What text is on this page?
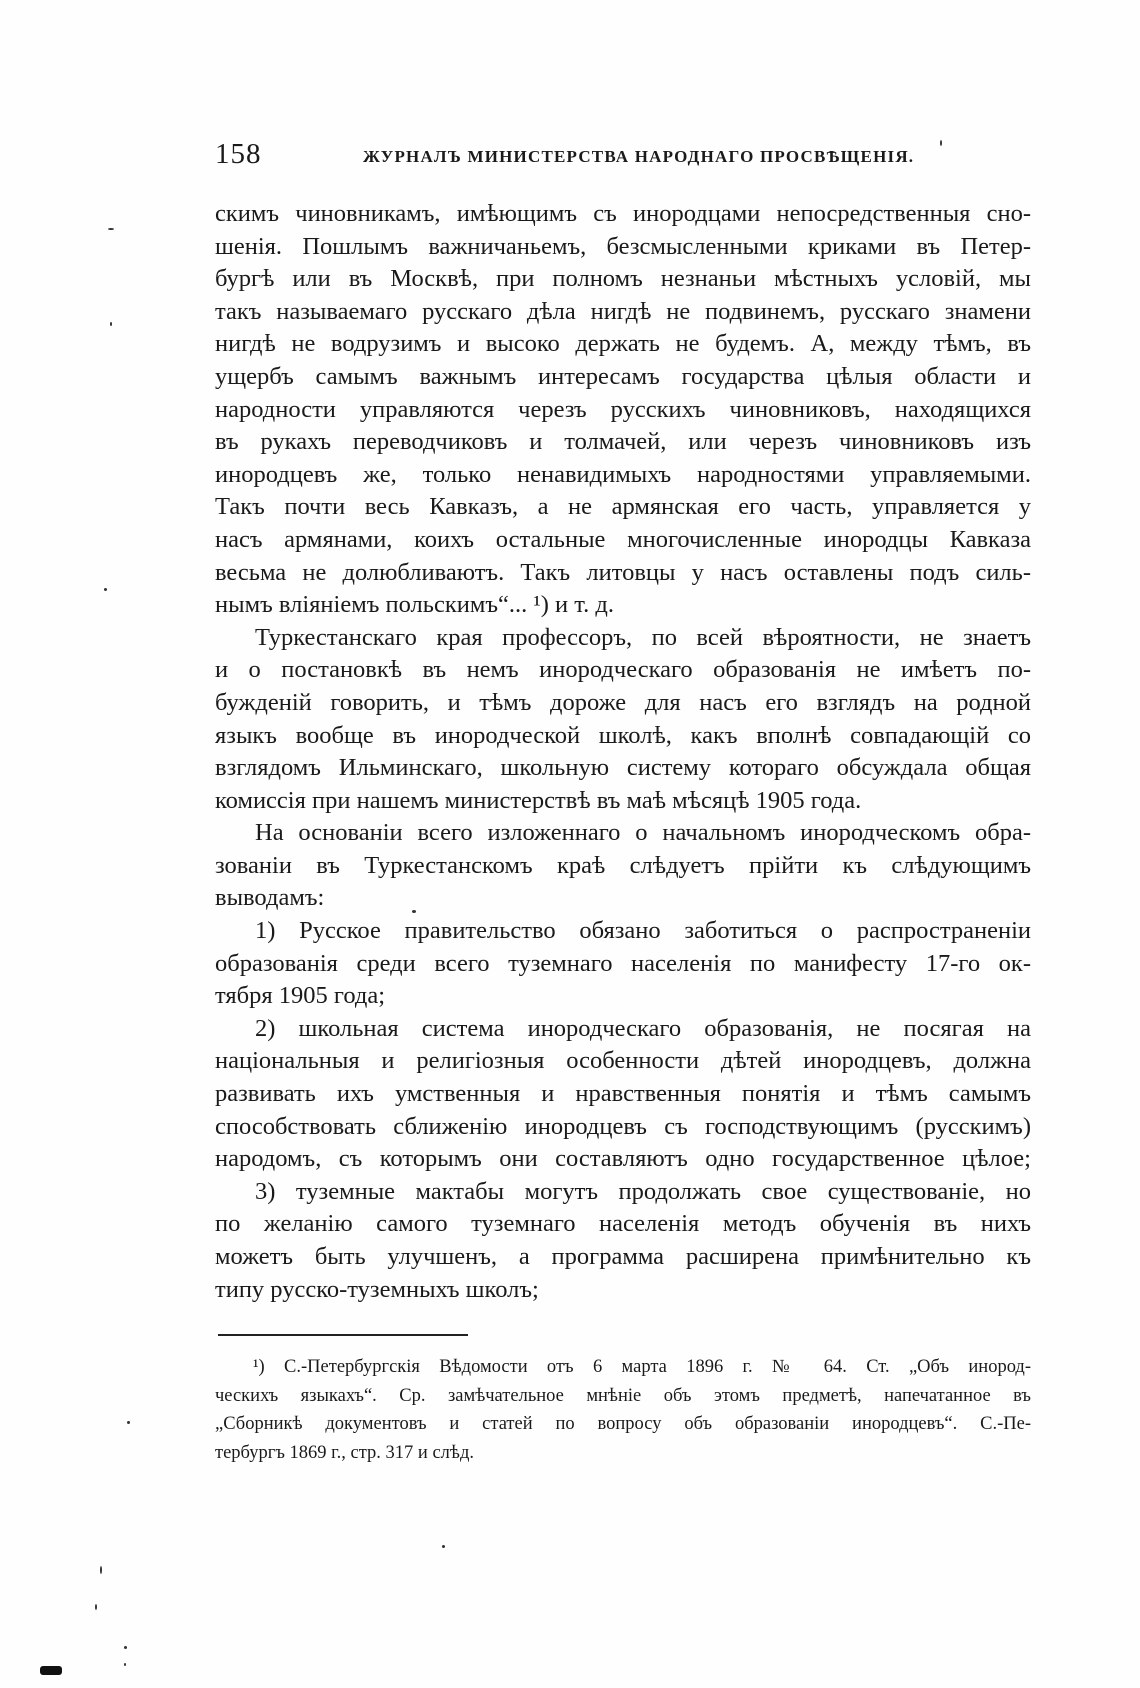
158	ЖУРНАЛЪ МИНИСТЕРСТВА НАРОДНАГО ПРОСВѢЩЕНІЯ.
скимъ чиновникамъ, имѣющимъ съ инородцами непосредственныя сно-
шенія. Пошлымъ важничаньемъ, безсмысленными криками въ Петер-
бургѣ или въ Москвѣ, при полномъ незнаньи мѣстныхъ условій, мы
такъ называемаго русскаго дѣла нигдѣ не подвинемъ, русскаго знамени
нигдѣ не водрузимъ и высоко держать не будемъ. А, между тѣмъ, въ
ущербъ самымъ важнымъ интересамъ государства цѣлыя области и
народности управляются черезъ русскихъ чиновниковъ, находящихся
въ рукахъ переводчиковъ и толмачей, или черезъ чиновниковъ изъ
инородцевъ же, только ненавидимыхъ народностями управляемыми.
Такъ почти весь Кавказъ, а не армянская его часть, управляется у
насъ армянами, коихъ остальные многочисленные инородцы Кавказа
весьма не долюбливаютъ. Такъ литовцы у насъ оставлены подъ силь-
нымъ вліяніемъ польскимъ“... ¹) и т. д.
Туркестанскаго края профессоръ, по всей вѣроятности, не знаетъ
и о постановкѣ въ немъ инородческаго образованія не имѣетъ по-
бужденій говорить, и тѣмъ дороже для насъ его взглядъ на родной
языкъ вообще въ инородческой школѣ, какъ вполнѣ совпадающій со
взглядомъ Ильминскаго, школьную систему котораго обсуждала общая
комиссія при нашемъ министерствѣ въ маѣ мѣсяцѣ 1905 года.
На основаніи всего изложеннаго о начальномъ инородческомъ обра-
зованіи въ Туркестанскомъ краѣ слѣдуетъ прійти къ слѣдующимъ
выводамъ:
1) Русское правительство обязано заботиться о распространеніи
образованія среди всего туземнаго населенія по манифесту 17-го ок-
тября 1905 года;
2) школьная система инородческаго образованія, не посягая на
національныя и религіозныя особенности дѣтей инородцевъ, должна
развивать ихъ умственныя и нравственныя понятія и тѣмъ самымъ
способствовать сближенію инородцевъ съ господствующимъ (русскимъ)
народомъ, съ которымъ они составляютъ одно государственное цѣлое;
3) туземные мактабы могутъ продолжать свое существованіе, но
по желанію самого туземнаго населенія методъ обученія въ нихъ
можетъ быть улучшенъ, а программа расширена примѣнительно къ
типу русско-туземныхъ школъ;
¹) С.-Петербургскія Вѣдомости отъ 6 марта 1896 г. № 64. Ст. „Объ инород-
ческихъ языкахъ“. Ср. замѣчательное мнѣніе объ этомъ предметѣ, напечатанное въ
„Сборникѣ документовъ и статей по вопросу объ образованіи инородцевъ“. С.-Пе-
тербургъ 1869 г., стр. 317 и слѣд.
